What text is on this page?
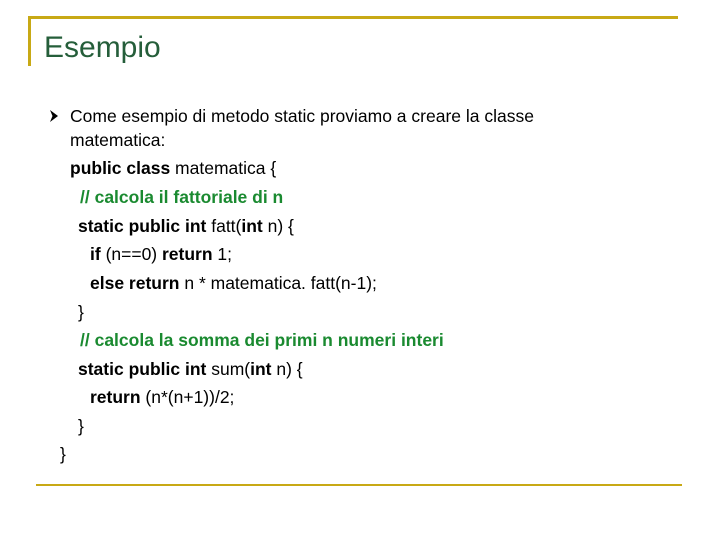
Esempio
Come esempio di metodo static proviamo a creare la classe
matematica:
public class matematica {
// calcola il fattoriale di n
static public int fatt(int n) {
if (n==0) return 1;
else return n * matematica. fatt(n-1);
}
// calcola la somma dei primi n numeri interi
static public int sum(int n) {
return (n*(n+1))/2;
}
}
